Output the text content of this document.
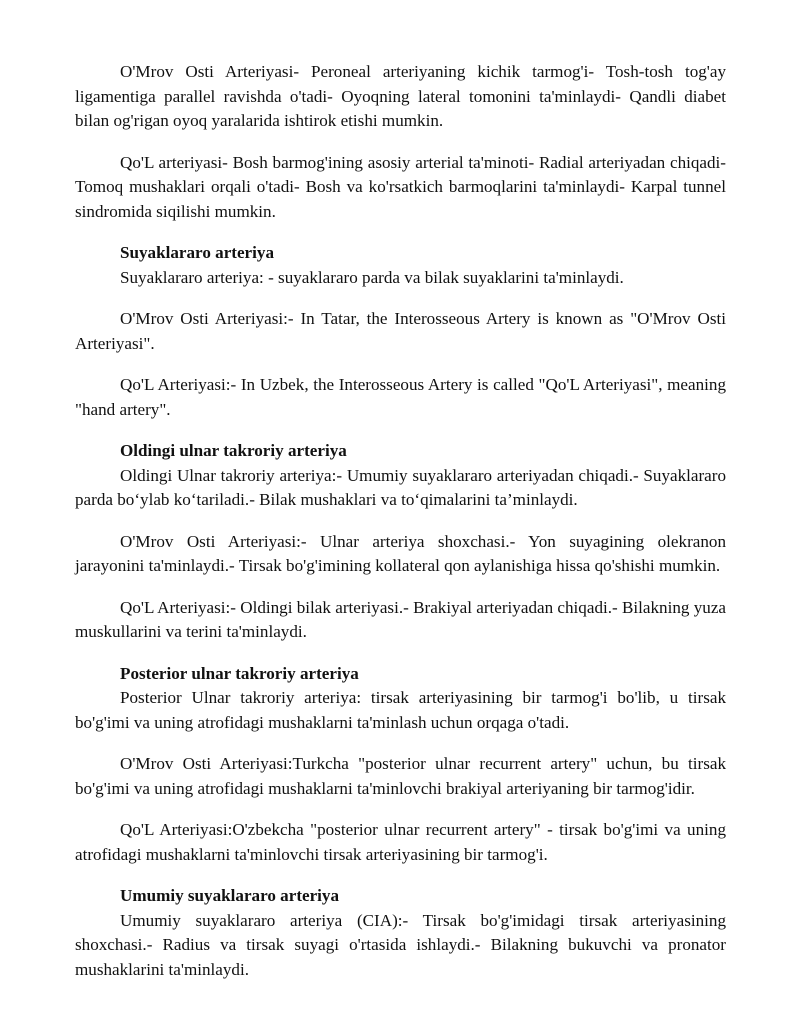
O'Mrov Osti Arteriyasi- Peroneal arteriyaning kichik tarmog'i- Tosh-tosh tog'ay ligamentiga parallel ravishda o'tadi- Oyoqning lateral tomonini ta'minlaydi- Qandli diabet bilan og'rigan oyoq yaralarida ishtirok etishi mumkin.

Qo'L arteriyasi- Bosh barmog'ining asosiy arterial ta'minoti- Radial arteriyadan chiqadi- Tomoq mushaklari orqali o'tadi- Bosh va ko'rsatkich barmoqlarini ta'minlaydi- Karpal tunnel sindromida siqilishi mumkin.

Suyaklararo arteriya

Suyaklararo arteriya: - suyaklararo parda va bilak suyaklarini ta'minlaydi.

O'Mrov Osti Arteriyasi:- In Tatar, the Interosseous Artery is known as "O'Mrov Osti Arteriyasi".

Qo'L Arteriyasi:- In Uzbek, the Interosseous Artery is called "Qo'L Arteriyasi", meaning "hand artery".

Oldingi ulnar takroriy arteriya

Oldingi Ulnar takroriy arteriya:- Umumiy suyaklararo arteriyadan chiqadi.- Suyaklararo parda bo‘ylab ko‘tariladi.- Bilak mushaklari va to‘qimalarini ta’minlaydi.

O'Mrov Osti Arteriyasi:- Ulnar arteriya shoxchasi.- Yon suyagining olekranon jarayonini ta'minlaydi.- Tirsak bo'g'imining kollateral qon aylanishiga hissa qo'shishi mumkin.

Qo'L Arteriyasi:- Oldingi bilak arteriyasi.- Brakiyal arteriyadan chiqadi.- Bilakning yuza muskullarini va terini ta'minlaydi.

Posterior ulnar takroriy arteriya

Posterior Ulnar takroriy arteriya: tirsak arteriyasining bir tarmog'i bo'lib, u tirsak bo'g'imi va uning atrofidagi mushaklarni ta'minlash uchun orqaga o'tadi.

O'Mrov Osti Arteriyasi:Turkcha "posterior ulnar recurrent artery" uchun, bu tirsak bo'g'imi va uning atrofidagi mushaklarni ta'minlovchi brakiyal arteriyaning bir tarmog'idir.

Qo'L Arteriyasi:O'zbekcha "posterior ulnar recurrent artery" - tirsak bo'g'imi va uning atrofidagi mushaklarni ta'minlovchi tirsak arteriyasining bir tarmog'i.

Umumiy suyaklararo arteriya

Umumiy suyaklararo arteriya (CIA):- Tirsak bo'g'imidagi tirsak arteriyasining shoxchasi.- Radius va tirsak suyagi o'rtasida ishlaydi.- Bilakning bukuvchi va pronator mushaklarini ta'minlaydi.
